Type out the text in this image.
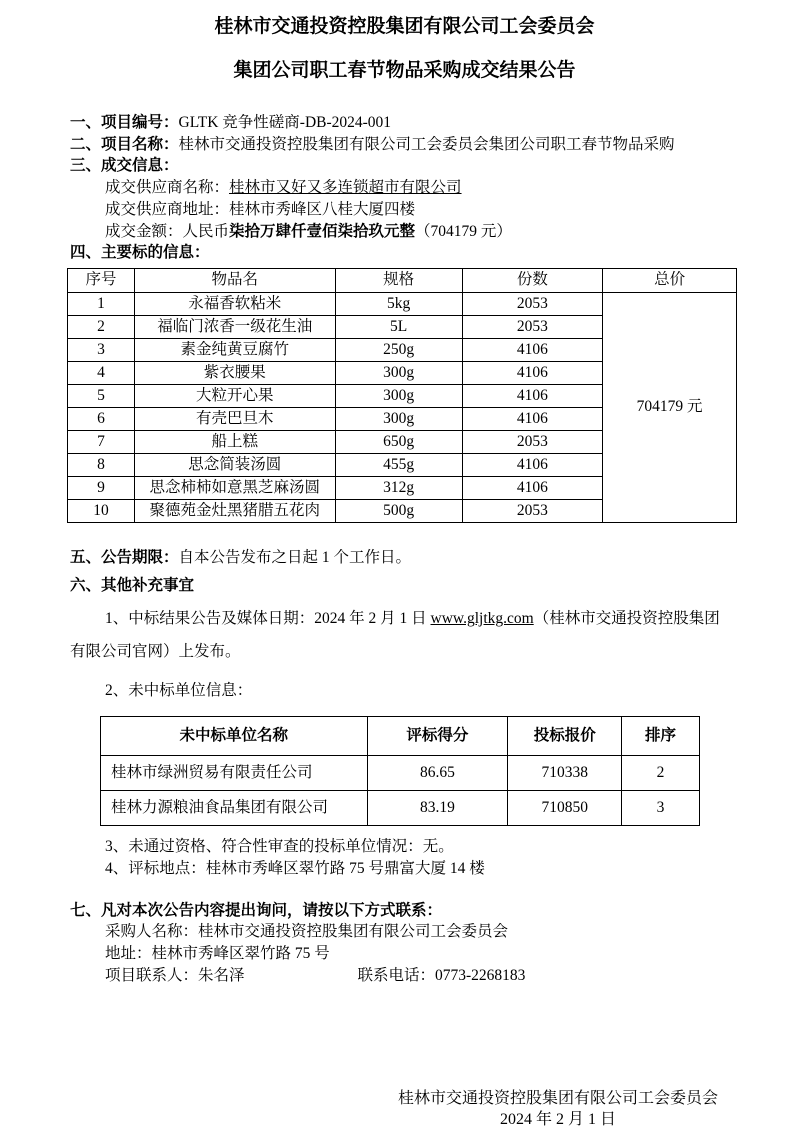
桂林市交通投资控股集团有限公司工会委员会

集团公司职工春节物品采购成交结果公告

一、项目编号：GLTK 竞争性磋商-DB-2024-001

二、项目名称：桂林市交通投资控股集团有限公司工会委员会集团公司职工春节物品采购

三、成交信息：

成交供应商名称：桂林市又好又多连锁超市有限公司

成交供应商地址：桂林市秀峰区八桂大厦四楼

成交金额：人民币柒拾万肆仟壹佰柒拾玖元整（704179 元）

四、主要标的信息：

序号	物品名	规格	份数	总价
1	永福香软粘米	5kg	2053	704179 元
2	福临门浓香一级花生油	5L	2053	
3	素金纯黄豆腐竹	250g	4106	
4	紫衣腰果	300g	4106	
5	大粒开心果	300g	4106	
6	有壳巴旦木	300g	4106	
7	船上糕	650g	2053	
8	思念简装汤圆	455g	4106	
9	思念柿柿如意黑芝麻汤圆	312g	4106	
10	聚德苑金灶黑猪腊五花肉	500g	2053	

五、公告期限：自本公告发布之日起 1 个工作日。

六、其他补充事宜

1、中标结果公告及媒体日期：2024 年 2 月 1 日 www.gljtkg.com（桂林市交通投资控股集团
有限公司官网）上发布。

2、未中标单位信息：

未中标单位名称	评标得分	投标报价	排序
桂林市绿洲贸易有限责任公司	86.65	710338	2
桂林力源粮油食品集团有限公司	83.19	710850	3

3、未通过资格、符合性审查的投标单位情况：无。

4、评标地点：桂林市秀峰区翠竹路 75 号鼎富大厦 14 楼

七、凡对本次公告内容提出询问，请按以下方式联系：

采购人名称：桂林市交通投资控股集团有限公司工会委员会

地址：桂林市秀峰区翠竹路 75 号

项目联系人：朱名泽	联系电话：0773-2268183

桂林市交通投资控股集团有限公司工会委员会

2024 年 2 月 1 日
